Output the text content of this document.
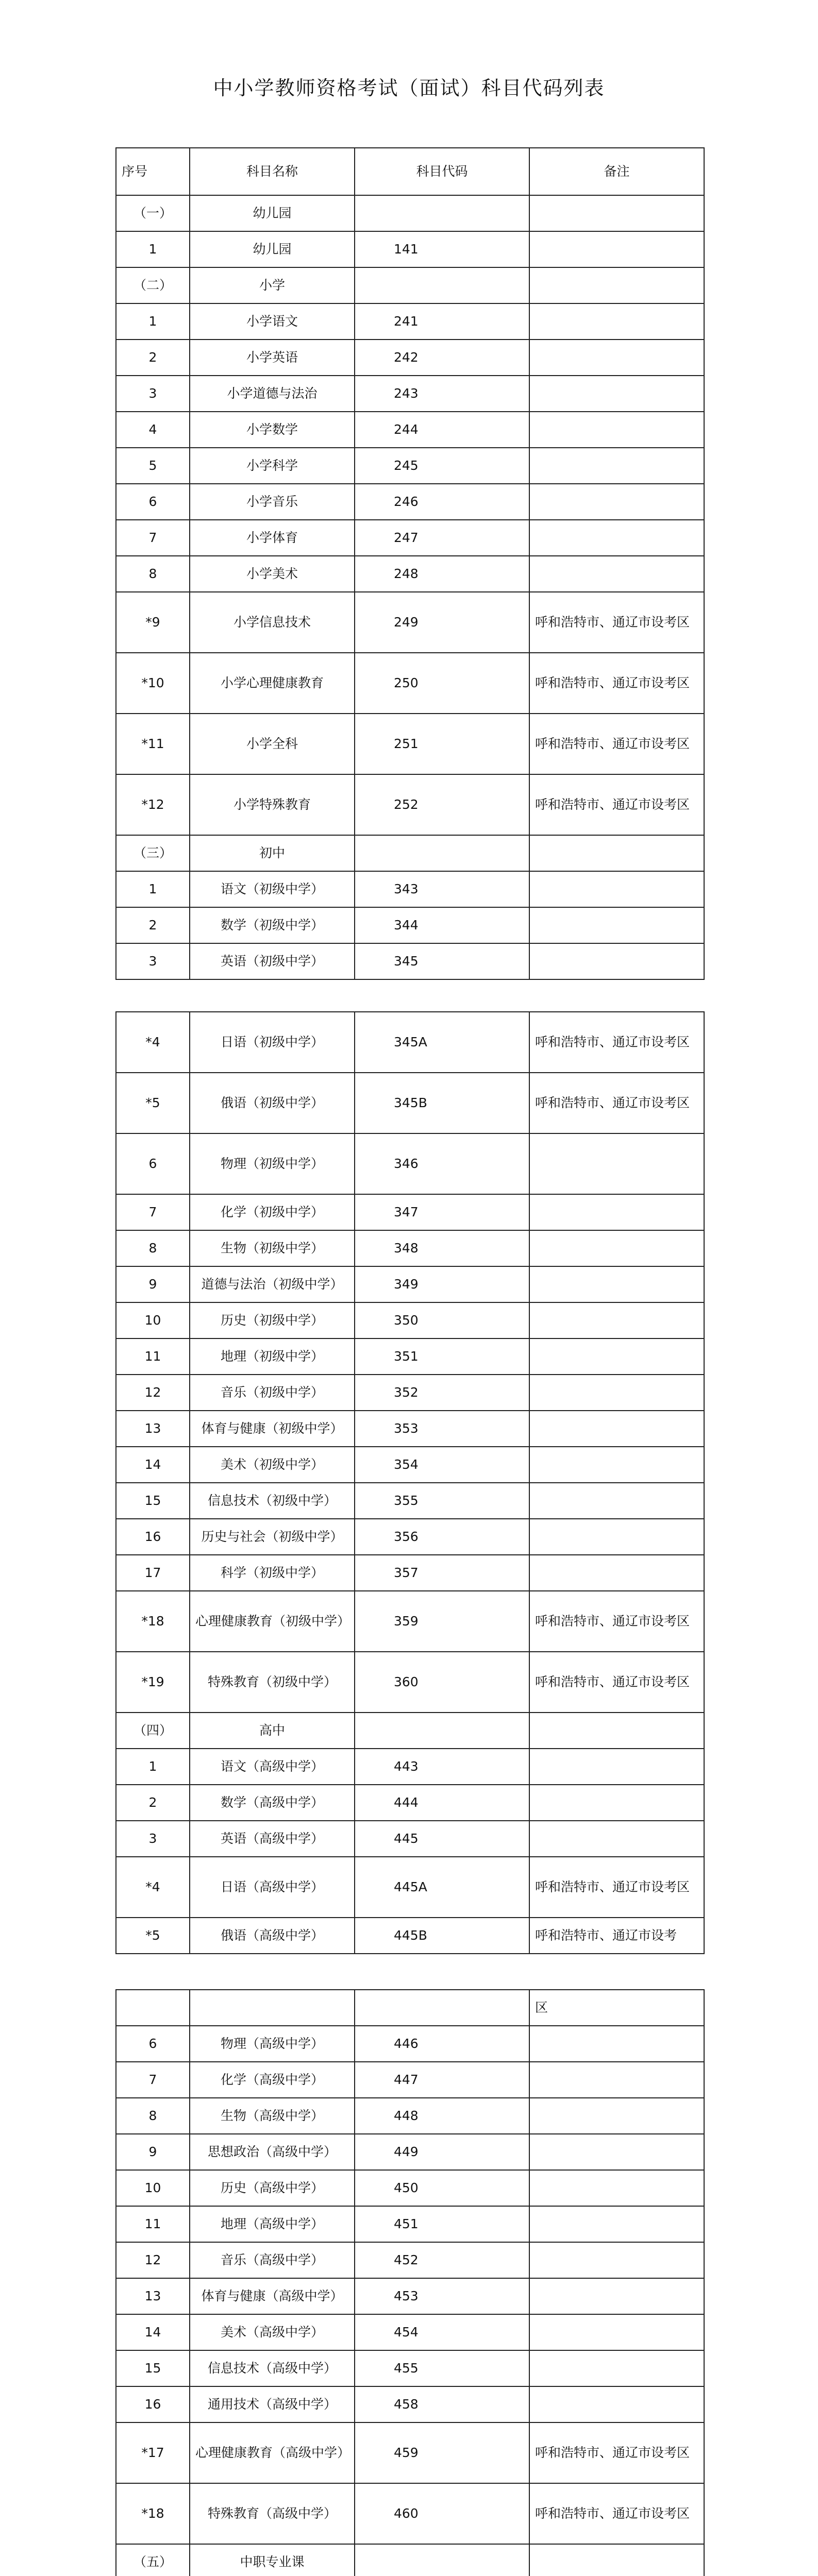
中小学教师资格考试（面试）科目代码列表
序号	科目名称	科目代码	备注
（一）	幼儿园		
1	幼儿园	141	
（二）	小学		
1	小学语文	241	
2	小学英语	242	
3	小学道德与法治	243	
4	小学数学	244	
5	小学科学	245	
6	小学音乐	246	
7	小学体育	247	
8	小学美术	248	
*9	小学信息技术	249	呼和浩特市、通辽市设考区
*10	小学心理健康教育	250	呼和浩特市、通辽市设考区
*11	小学全科	251	呼和浩特市、通辽市设考区
*12	小学特殊教育	252	呼和浩特市、通辽市设考区
（三）	初中		
1	语文（初级中学）	343	
2	数学（初级中学）	344	
3	英语（初级中学）	345	
*4	日语（初级中学）	345A	呼和浩特市、通辽市设考区
*5	俄语（初级中学）	345B	呼和浩特市、通辽市设考区
6	物理（初级中学）	346	
7	化学（初级中学）	347	
8	生物（初级中学）	348	
9	道德与法治（初级中学）	349	
10	历史（初级中学）	350	
11	地理（初级中学）	351	
12	音乐（初级中学）	352	
13	体育与健康（初级中学）	353	
14	美术（初级中学）	354	
15	信息技术（初级中学）	355	
16	历史与社会（初级中学）	356	
17	科学（初级中学）	357	
*18	心理健康教育（初级中学）	359	呼和浩特市、通辽市设考区
*19	特殊教育（初级中学）	360	呼和浩特市、通辽市设考区
（四）	高中		
1	语文（高级中学）	443	
2	数学（高级中学）	444	
3	英语（高级中学）	445	
*4	日语（高级中学）	445A	呼和浩特市、通辽市设考区
*5	俄语（高级中学）	445B	呼和浩特市、通辽市设考
			区
6	物理（高级中学）	446	
7	化学（高级中学）	447	
8	生物（高级中学）	448	
9	思想政治（高级中学）	449	
10	历史（高级中学）	450	
11	地理（高级中学）	451	
12	音乐（高级中学）	452	
13	体育与健康（高级中学）	453	
14	美术（高级中学）	454	
15	信息技术（高级中学）	455	
16	通用技术（高级中学）	458	
*17	心理健康教育（高级中学）	459	呼和浩特市、通辽市设考区
*18	特殊教育（高级中学）	460	呼和浩特市、通辽市设考区
（五）	中职专业课		
